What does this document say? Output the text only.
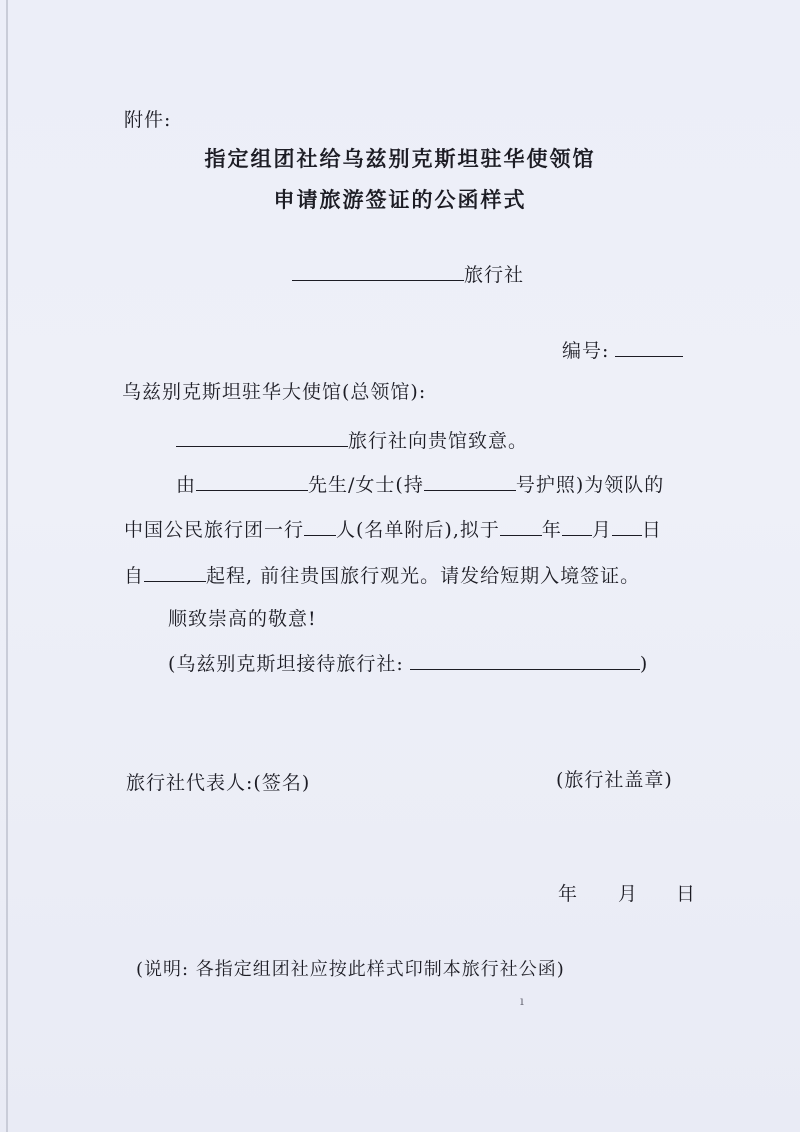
附件:
指定组团社给乌兹别克斯坦驻华使领馆
申请旅游签证的公函样式
旅行社
编号:
乌兹别克斯坦驻华大使馆(总领馆):
旅行社向贵馆致意。
由	先生/女士(持	号护照)为领队的
中国公民旅行团一行 人(名单附后),拟于 年 月 日
自	起程, 前往贵国旅行观光。请发给短期入境签证。
顺致崇高的敬意!
(乌兹别克斯坦接待旅行社:	)
旅行社代表人:(签名)	(旅行社盖章)
年 月 日
(说明: 各指定组团社应按此样式印制本旅行社公函)
ı
